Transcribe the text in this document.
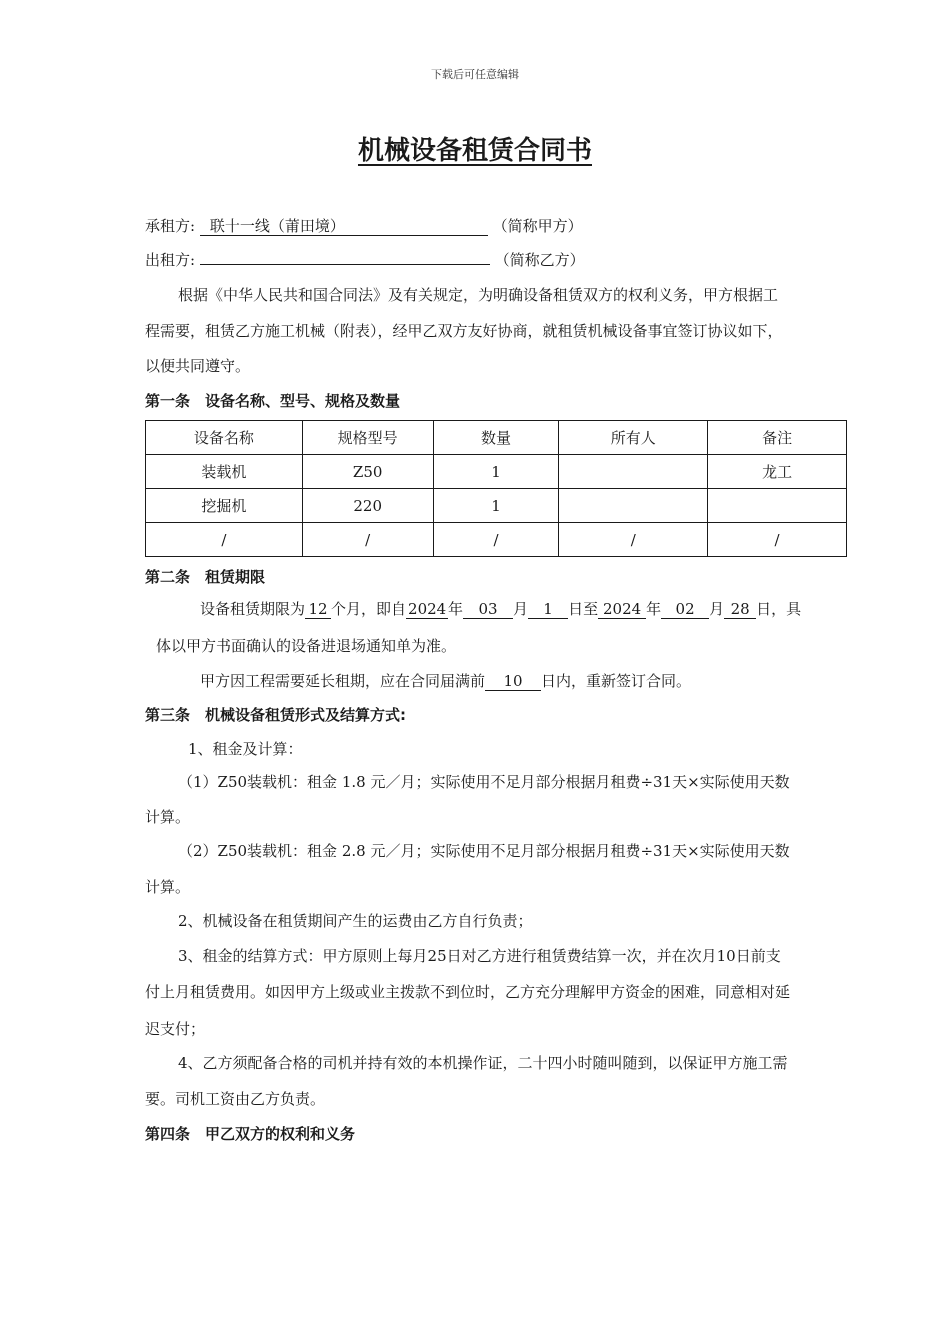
下载后可任意编辑
机械设备租赁合同书
承租方: 联十一线（莆田境）	（简称甲方）
出租方:	（简称乙方）
根据《中华人民共和国合同法》及有关规定，为明确设备租赁双方的权利义务，甲方根据工
程需要，租赁乙方施工机械（附表），经甲乙双方友好协商，就租赁机械设备事宜签订协议如下，
以便共同遵守。
第一条　设备名称、型号、规格及数量
设备名称	规格型号	数量	所有人	备注
装载机	Z50	1		龙工
挖掘机	220	1		
/	/	/	/	/
第二条　租赁期限
设备租赁期限为 12 个月，即自 2024 年 03 月 1 日至 2024 年 02 月 28 日，具
体以甲方书面确认的设备进退场通知单为准。
甲方因工程需要延长租期，应在合同届满前 10 日内，重新签订合同。
第三条　机械设备租赁形式及结算方式:
1、租金及计算：
（1）Z50装载机：租金 1.8 元／月；实际使用不足月部分根据月租费÷31天×实际使用天数
计算。
（2）Z50装载机：租金 2.8 元／月；实际使用不足月部分根据月租费÷31天×实际使用天数
计算。
2、机械设备在租赁期间产生的运费由乙方自行负责；
3、租金的结算方式：甲方原则上每月25日对乙方进行租赁费结算一次，并在次月10日前支
付上月租赁费用。如因甲方上级或业主拨款不到位时，乙方充分理解甲方资金的困难，同意相对延
迟支付；
4、乙方须配备合格的司机并持有效的本机操作证，二十四小时随叫随到，以保证甲方施工需
要。司机工资由乙方负责。
第四条　甲乙双方的权利和义务
